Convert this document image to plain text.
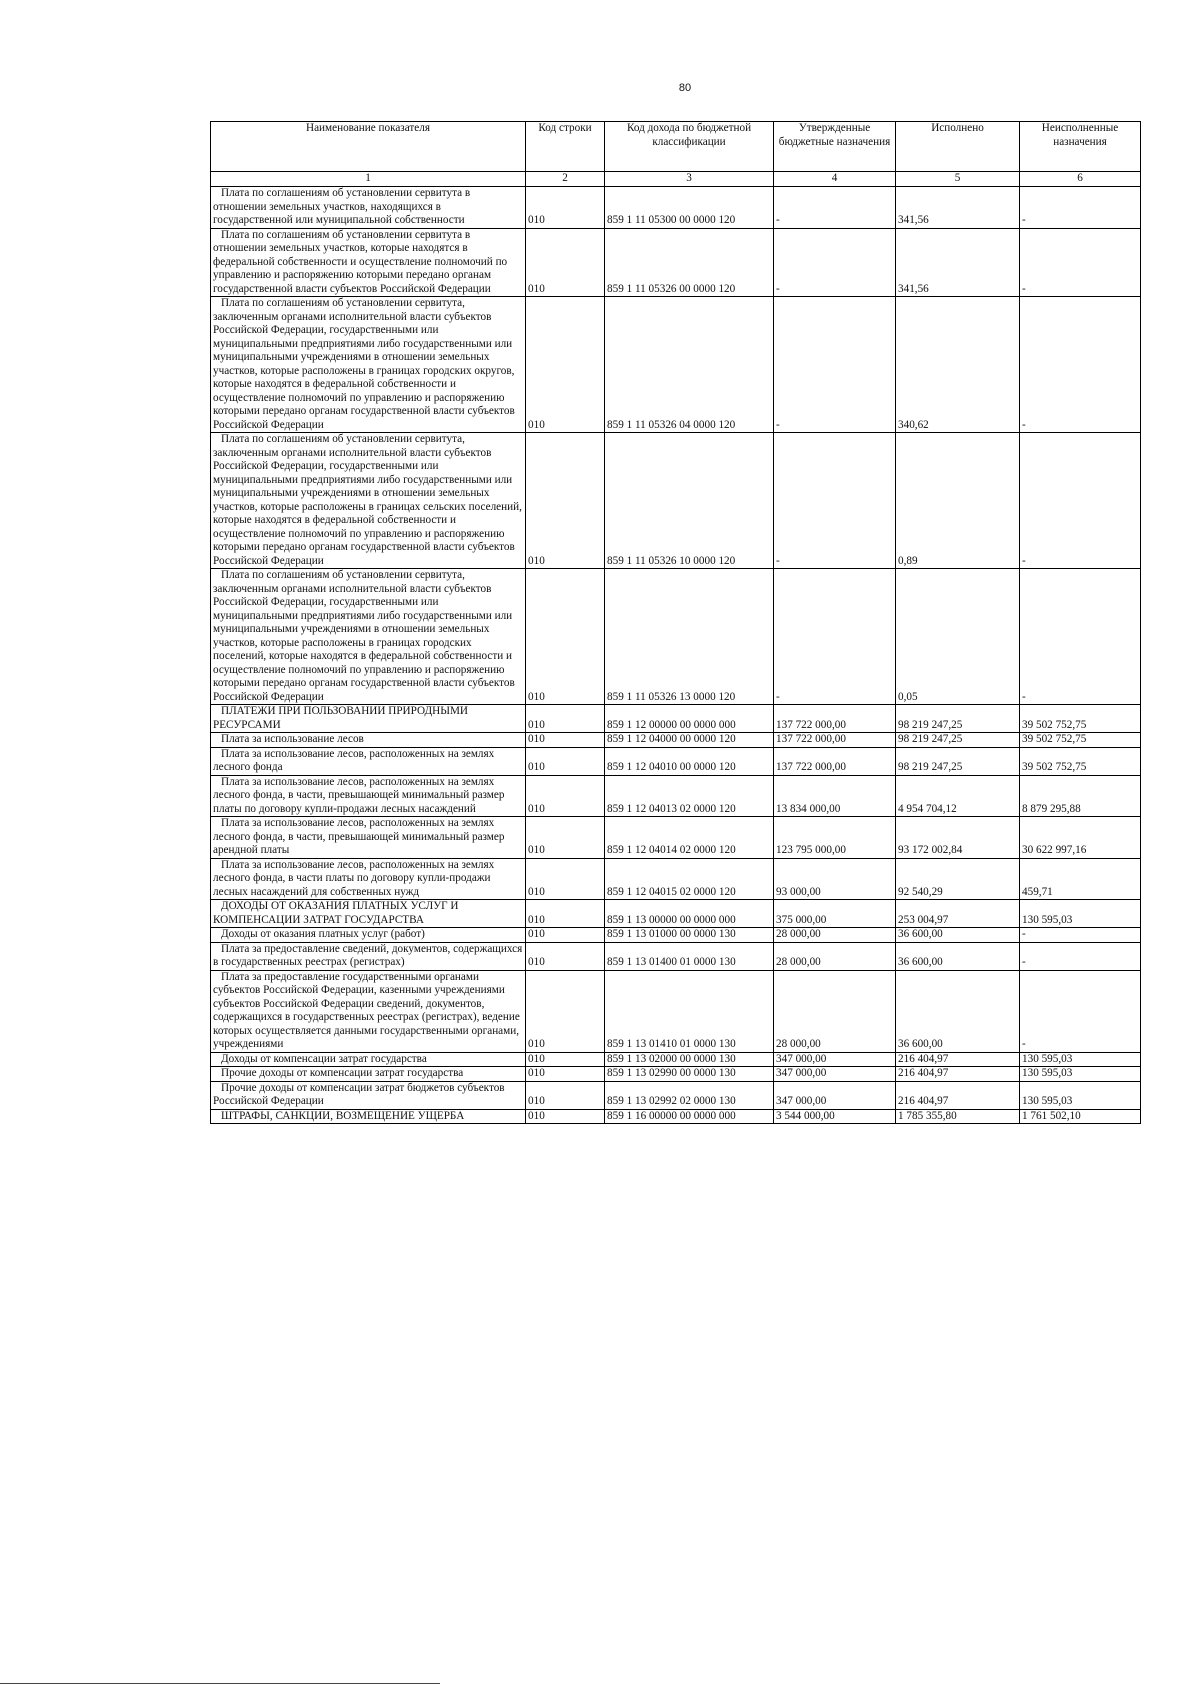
80
Наименование показателя	Код строки	Код дохода по бюджетной классификации	Утвержденные бюджетные назначения	Исполнено	Неисполненные назначения
1	2	3	4	5	6
Плата по соглашениям об установлении сервитута в отношении земельных участков, находящихся в государственной или муниципальной собственности	010	859 1 11 05300 00 0000 120	-	341,56	-
Плата по соглашениям об установлении сервитута в отношении земельных участков, которые находятся в федеральной собственности и осуществление полномочий по управлению и распоряжению которыми передано органам государственной власти субъектов Российской Федерации	010	859 1 11 05326 00 0000 120	-	341,56	-
Плата по соглашениям об установлении сервитута, заключенным органами исполнительной власти субъектов Российской Федерации, государственными или муниципальными предприятиями либо государственными или муниципальными учреждениями в отношении земельных участков, которые расположены в границах городских округов, которые находятся в федеральной собственности и осуществление полномочий по управлению и распоряжению которыми передано органам государственной власти субъектов Российской Федерации	010	859 1 11 05326 04 0000 120	-	340,62	-
Плата по соглашениям об установлении сервитута, заключенным органами исполнительной власти субъектов Российской Федерации, государственными или муниципальными предприятиями либо государственными или муниципальными учреждениями в отношении земельных участков, которые расположены в границах сельских поселений, которые находятся в федеральной собственности и осуществление полномочий по управлению и распоряжению которыми передано органам государственной власти субъектов Российской Федерации	010	859 1 11 05326 10 0000 120	-	0,89	-
Плата по соглашениям об установлении сервитута, заключенным органами исполнительной власти субъектов Российской Федерации, государственными или муниципальными предприятиями либо государственными или муниципальными учреждениями в отношении земельных участков, которые расположены в границах городских поселений, которые находятся в федеральной собственности и осуществление полномочий по управлению и распоряжению которыми передано органам государственной власти субъектов Российской Федерации	010	859 1 11 05326 13 0000 120	-	0,05	-
ПЛАТЕЖИ ПРИ ПОЛЬЗОВАНИИ ПРИРОДНЫМИ РЕСУРСАМИ	010	859 1 12 00000 00 0000 000	137 722 000,00	98 219 247,25	39 502 752,75
Плата за использование лесов	010	859 1 12 04000 00 0000 120	137 722 000,00	98 219 247,25	39 502 752,75
Плата за использование лесов, расположенных на землях лесного фонда	010	859 1 12 04010 00 0000 120	137 722 000,00	98 219 247,25	39 502 752,75
Плата за использование лесов, расположенных на землях лесного фонда, в части, превышающей минимальный размер платы по договору купли-продажи лесных насаждений	010	859 1 12 04013 02 0000 120	13 834 000,00	4 954 704,12	8 879 295,88
Плата за использование лесов, расположенных на землях лесного фонда, в части, превышающей минимальный размер арендной платы	010	859 1 12 04014 02 0000 120	123 795 000,00	93 172 002,84	30 622 997,16
Плата за использование лесов, расположенных на землях лесного фонда, в части платы по договору купли-продажи лесных насаждений для собственных нужд	010	859 1 12 04015 02 0000 120	93 000,00	92 540,29	459,71
ДОХОДЫ ОТ ОКАЗАНИЯ ПЛАТНЫХ УСЛУГ И КОМПЕНСАЦИИ ЗАТРАТ ГОСУДАРСТВА	010	859 1 13 00000 00 0000 000	375 000,00	253 004,97	130 595,03
Доходы от оказания платных услуг (работ)	010	859 1 13 01000 00 0000 130	28 000,00	36 600,00	-
Плата за предоставление сведений, документов, содержащихся в государственных реестрах (регистрах)	010	859 1 13 01400 01 0000 130	28 000,00	36 600,00	-
Плата за предоставление государственными органами субъектов Российской Федерации, казенными учреждениями субъектов Российской Федерации сведений, документов, содержащихся в государственных реестрах (регистрах), ведение которых осуществляется данными государственными органами, учреждениями	010	859 1 13 01410 01 0000 130	28 000,00	36 600,00	-
Доходы от компенсации затрат государства	010	859 1 13 02000 00 0000 130	347 000,00	216 404,97	130 595,03
Прочие доходы от компенсации затрат государства	010	859 1 13 02990 00 0000 130	347 000,00	216 404,97	130 595,03
Прочие доходы от компенсации затрат бюджетов субъектов Российской Федерации	010	859 1 13 02992 02 0000 130	347 000,00	216 404,97	130 595,03
ШТРАФЫ, САНКЦИИ, ВОЗМЕЩЕНИЕ УЩЕРБА	010	859 1 16 00000 00 0000 000	3 544 000,00	1 785 355,80	1 761 502,10
